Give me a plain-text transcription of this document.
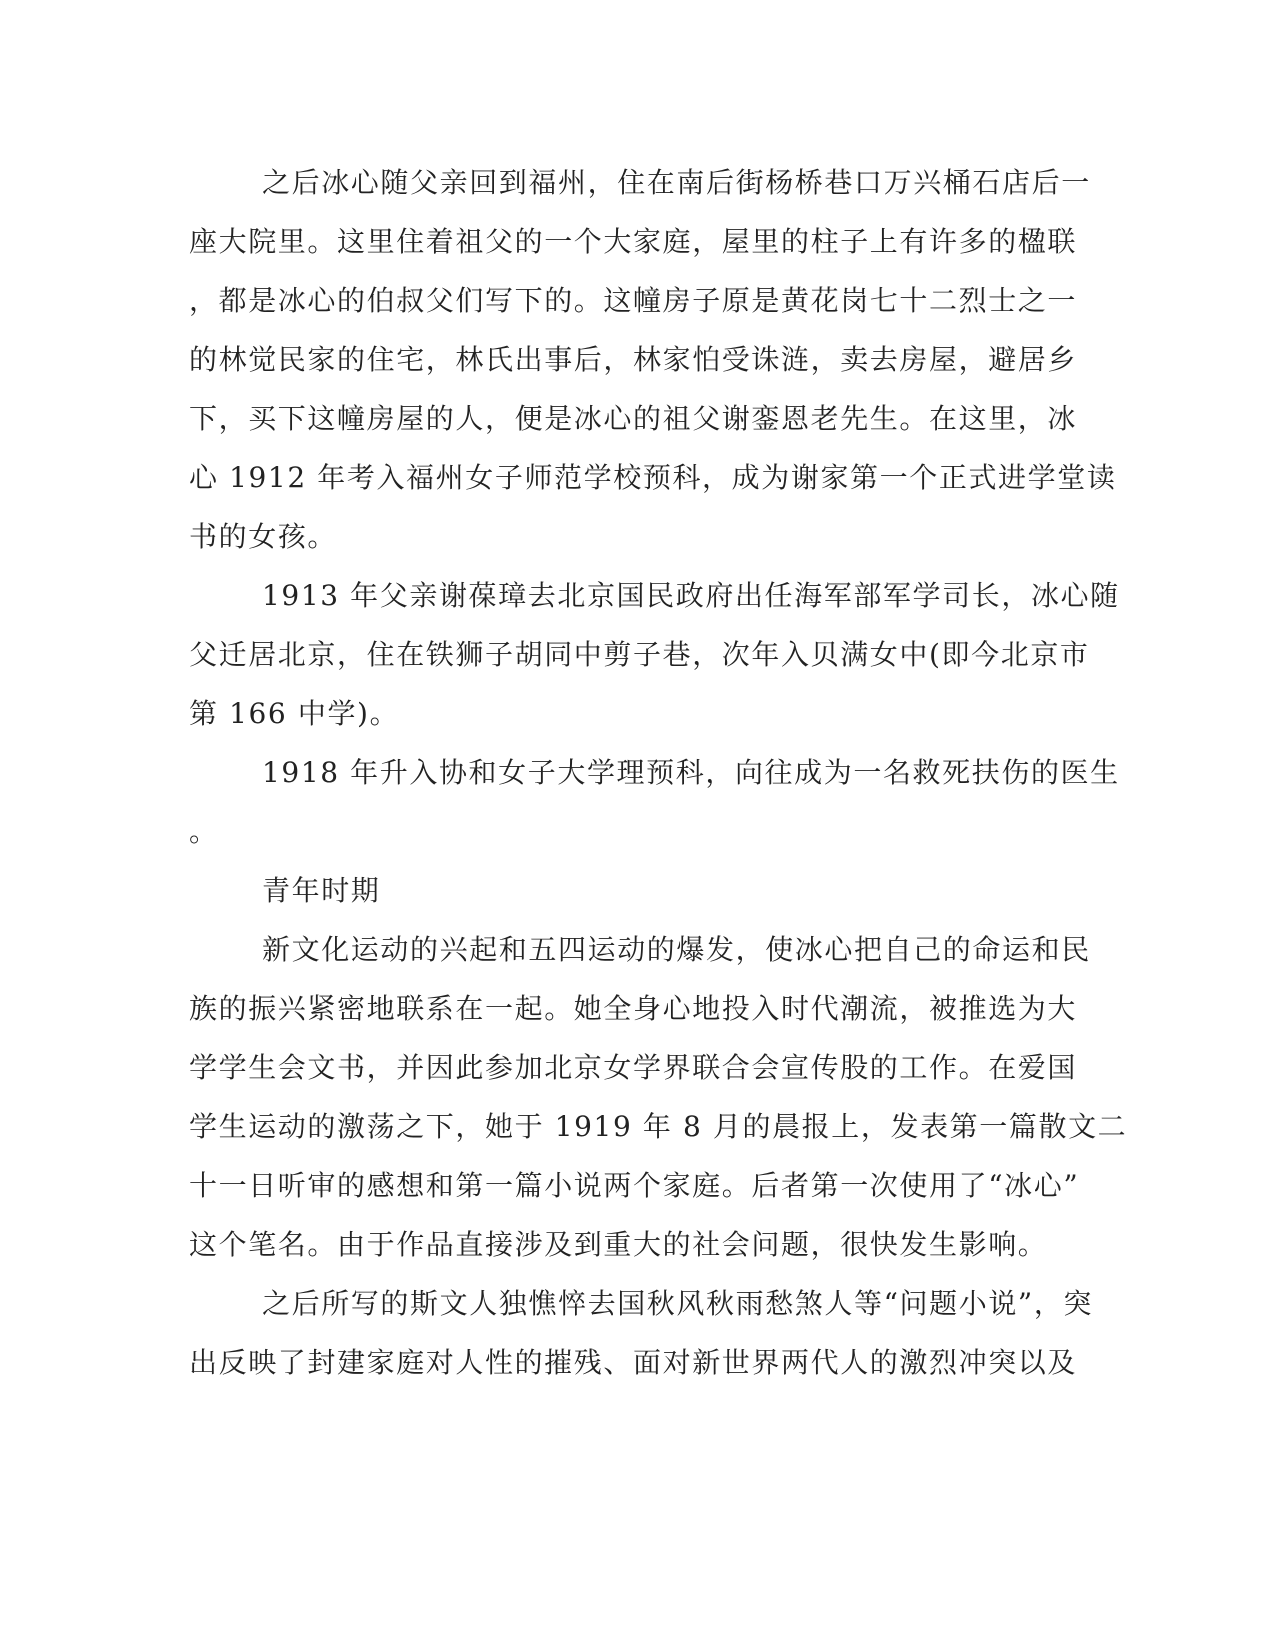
之后冰心随父亲回到福州，住在南后街杨桥巷口万兴桶石店后一
座大院里。这里住着祖父的一个大家庭，屋里的柱子上有许多的楹联
，都是冰心的伯叔父们写下的。这幢房子原是黄花岗七十二烈士之一
的林觉民家的住宅，林氏出事后，林家怕受诛涟，卖去房屋，避居乡
下，买下这幢房屋的人，便是冰心的祖父谢銮恩老先生。在这里，冰
心 1912 年考入福州女子师范学校预科，成为谢家第一个正式进学堂读
书的女孩。
1913 年父亲谢葆璋去北京国民政府出任海军部军学司长，冰心随
父迁居北京，住在铁狮子胡同中剪子巷，次年入贝满女中(即今北京市
第 166 中学)。
1918 年升入协和女子大学理预科，向往成为一名救死扶伤的医生
。
青年时期
新文化运动的兴起和五四运动的爆发，使冰心把自己的命运和民
族的振兴紧密地联系在一起。她全身心地投入时代潮流，被推选为大
学学生会文书，并因此参加北京女学界联合会宣传股的工作。在爱国
学生运动的激荡之下，她于 1919 年 8 月的晨报上，发表第一篇散文二
十一日听审的感想和第一篇小说两个家庭。后者第一次使用了“冰心”
这个笔名。由于作品直接涉及到重大的社会问题，很快发生影响。
之后所写的斯文人独憔悴去国秋风秋雨愁煞人等“问题小说”，突
出反映了封建家庭对人性的摧残、面对新世界两代人的激烈冲突以及
